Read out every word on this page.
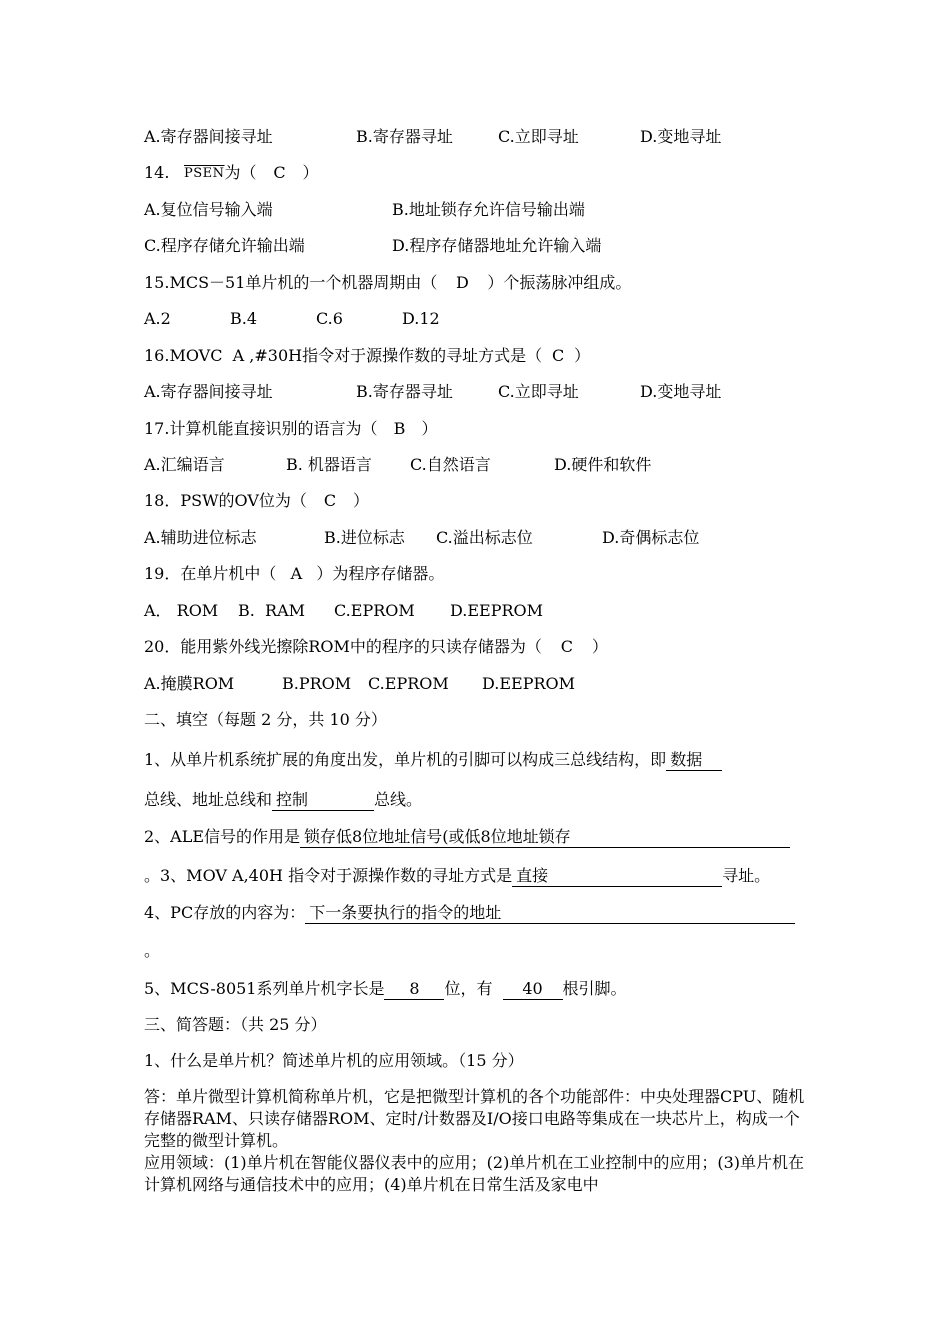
A.寄存器间接寻址	B.寄存器寻址	C.立即寻址	D.变地寻址
14. PSEN为（ C ）
A.复位信号输入端	B.地址锁存允许信号输出端
C.程序存储允许输出端	D.程序存储器地址允许输入端
15.MCS－51单片机的一个机器周期由（ D ）个振荡脉冲组成。
A.2	B.4	C.6	D.12
16.MOVC  A ,#30H指令对于源操作数的寻址方式是（ C ）
A.寄存器间接寻址	B.寄存器寻址	C.立即寻址	D.变地寻址
17.计算机能直接识别的语言为（ B ）
A.汇编语言	B. 机器语言 C.自然语言	D.硬件和软件
18．PSW的OV位为（ C ）
A.辅助进位标志	B.进位标志 C.溢出标志位	D.奇偶标志位
19．在单片机中（ A ）为程序存储器。
A． ROM B.  RAM C.EPROM D.EEPROM
20．能用紫外线光擦除ROM中的程序的只读存储器为（ C ）
A.掩膜ROM	B.PROM C.EPROM D.EEPROM
二、填空（每题 2 分，共 10 分）
1、从单片机系统扩展的角度出发，单片机的引脚可以构成三总线结构，即 数据
总线、地址总线和 控制	总线。
2、ALE信号的作用是 锁存低8位地址信号(或低8位地址锁存
。3、MOV A,40H 指令对于源操作数的寻址方式是 直接	寻址。
4、PC存放的内容为： 下一条要执行的指令的地址
。
5、MCS-8051系列单片机字长是 8 位，有 40 根引脚。
三、简答题：（共 25 分）
1、什么是单片机？简述单片机的应用领域。（15 分）

答：单片微型计算机简称单片机，它是把微型计算机的各个功能部件：中央处理器CPU、随机存储器RAM、只读存储器ROM、定时/计数器及I/O接口电路等集成在一块芯片上，构成一个完整的微型计算机。

应用领域：(1)单片机在智能仪器仪表中的应用；(2)单片机在工业控制中的应用；(3)单片机在计算机网络与通信技术中的应用；(4)单片机在日常生活及家电中
